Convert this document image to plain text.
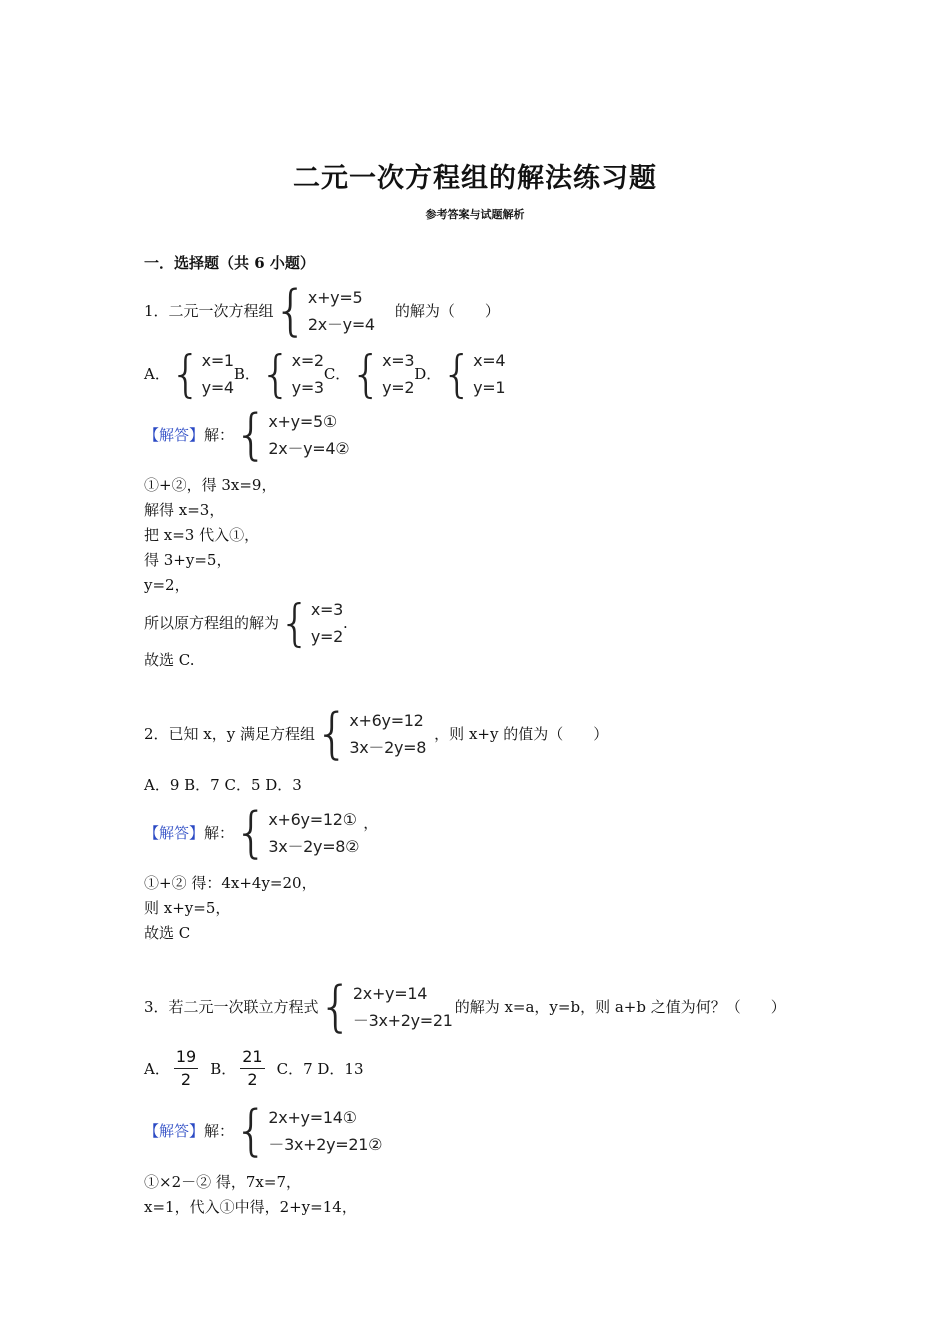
二元一次方程组的解法练习题
参考答案与试题解析
一．选择题（共 6 小题）
1．二元一次方程组 { x+y=5
2x－y=4
的解为（　　）
A． { x=1
y=4
B． { x=2
y=3
C． { x=3
y=2
D． { x=4
y=1
【解答】 解： { x+y=5①
2x－y=4②
①+②，得 3x=9，
解得 x=3，
把 x=3 代入①，
得 3+y=5，
y=2，
所以原方程组的解为 { x=3
y=2
.
故选 C.
2．已知 x，y 满足方程组 { x+6y=12
3x－2y=8
，则 x+y 的值为（　　）
A．9 B．7 C．5 D．3
【解答】 解： { x+6y=12①
3x－2y=8②
，
①+② 得：4x+4y=20，
则 x+y=5，
故选 C
3．若二元一次联立方程式 { 2x+y=14
－3x+2y=21
的解为 x=a，y=b，则 a+b 之值为何？（　　）
A． $\frac{19}{2}$ B． $\frac{21}{2}$ C．7 D．13
【解答】 解： { 2x+y=14①
－3x+2y=21②
①×2－② 得，7x=7，
x=1，代入①中得，2+y=14，
